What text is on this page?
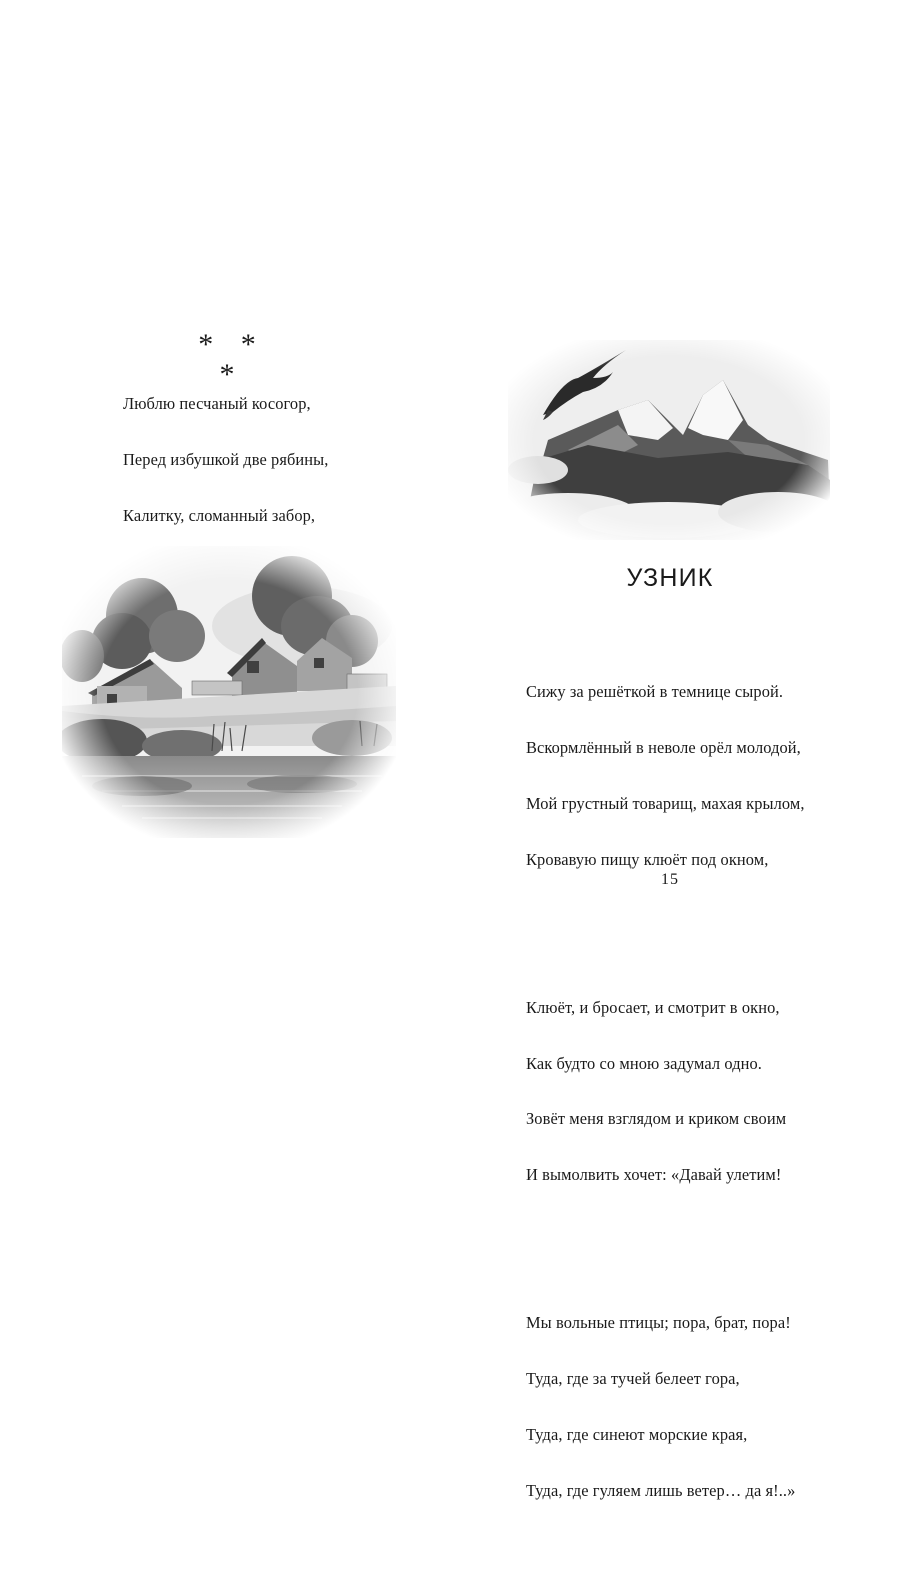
* * *

Люблю песчаный косогор,

Перед избушкой две рябины,

Калитку, сломанный забор,

УЗНИК

Сижу за решёткой в темнице сырой.

Вскормлённый в неволе орёл молодой,

Мой грустный товарищ, махая крылом,

Кровавую пищу клюёт под окном,

Клюёт, и бросает, и смотрит в окно,

Как будто со мною задумал одно.

Зовёт меня взглядом и криком своим

И вымолвить хочет: «Давай улетим!

Мы вольные птицы; пора, брат, пора!

Туда, где за тучей белеет гора,

Туда, где синеют морские края,

Туда, где гуляем лишь ветер… да я!..»

15
